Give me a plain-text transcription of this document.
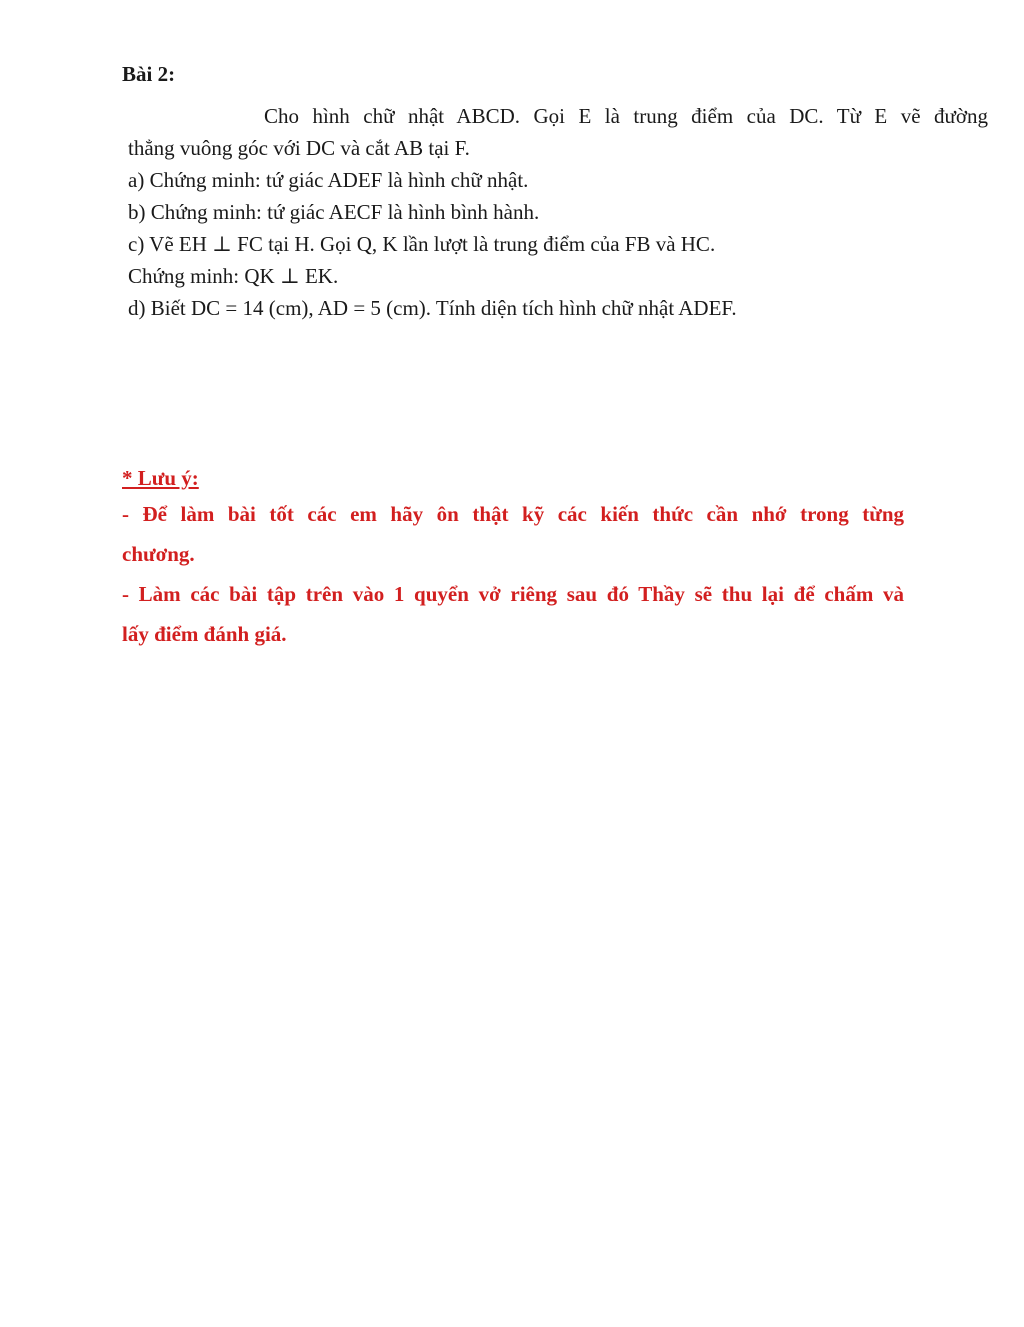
Bài 2:

Cho hình chữ nhật ABCD. Gọi E là trung điểm của DC. Từ E vẽ đường

thẳng vuông góc với DC và cắt AB tại F.

a) Chứng minh: tứ giác ADEF là hình chữ nhật.

b) Chứng minh: tứ giác AECF là hình bình hành.

c) Vẽ EH ⊥ FC tại H. Gọi Q, K lần lượt là trung điểm của FB và HC.

Chứng minh: QK ⊥ EK.

d) Biết DC = 14 (cm), AD = 5 (cm). Tính diện tích hình chữ nhật ADEF.

* Lưu ý:

- Để làm bài tốt các em hãy ôn thật kỹ các kiến thức cần nhớ trong từng
chương.
- Làm các bài tập trên vào 1 quyển vở riêng sau đó Thầy sẽ thu lại để chấm và
lấy điểm đánh giá.
